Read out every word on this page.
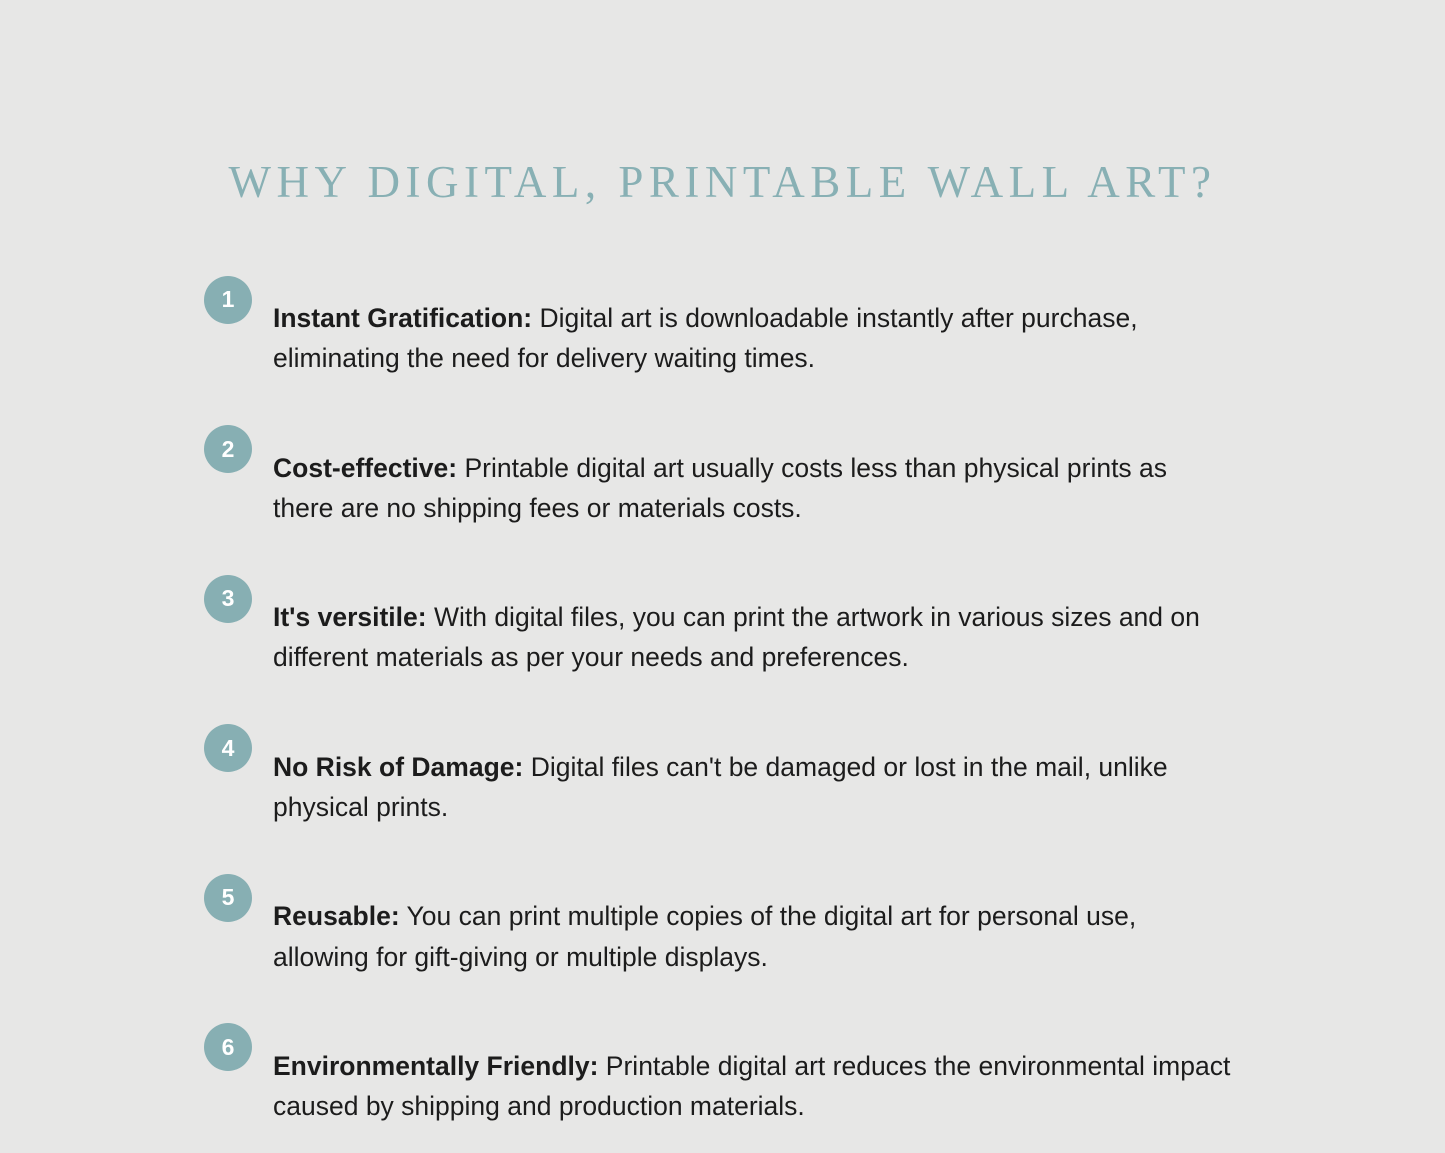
WHY DIGITAL, PRINTABLE WALL ART?
1

Instant Gratification: Digital art is downloadable instantly after purchase, eliminating the need for delivery waiting times.

2

Cost-effective: Printable digital art usually costs less than physical prints as there are no shipping fees or materials costs.

3

It's versitile: With digital files, you can print the artwork in various sizes and on different materials as per your needs and preferences.

4

No Risk of Damage: Digital files can't be damaged or lost in the mail, unlike physical prints.

5

Reusable: You can print multiple copies of the digital art for personal use, allowing for gift-giving or multiple displays.

6

Environmentally Friendly: Printable digital art reduces the environmental impact caused by shipping and production materials.
